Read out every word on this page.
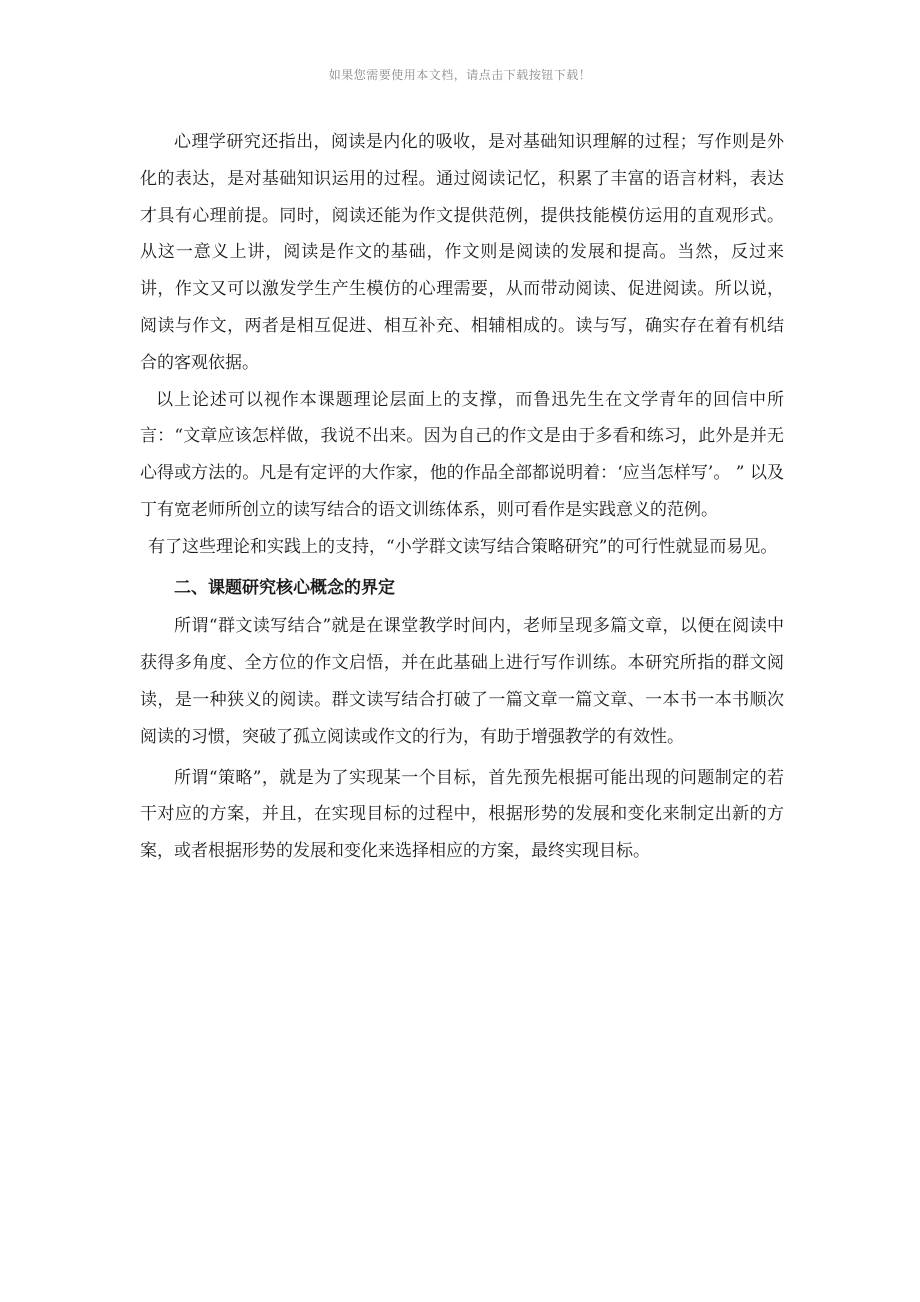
如果您需要使用本文档，请点击下载按钮下载！

心理学研究还指出，阅读是内化的吸收，是对基础知识理解的过程；写作则是外化的表达，是对基础知识运用的过程。通过阅读记忆，积累了丰富的语言材料，表达才具有心理前提。同时，阅读还能为作文提供范例，提供技能模仿运用的直观形式。从这一意义上讲，阅读是作文的基础，作文则是阅读的发展和提高。当然，反过来讲，作文又可以激发学生产生模仿的心理需要，从而带动阅读、促进阅读。所以说，阅读与作文，两者是相互促进、相互补充、相辅相成的。读与写，确实存在着有机结合的客观依据。

以上论述可以视作本课题理论层面上的支撑，而鲁迅先生在文学青年的回信中所言：“文章应该怎样做，我说不出来。因为自己的作文是由于多看和练习，此外是并无心得或方法的。凡是有定评的大作家，他的作品全部都说明着：‘应当怎样写’。 ” 以及丁有宽老师所创立的读写结合的语文训练体系，则可看作是实践意义的范例。

有了这些理论和实践上的支持，“小学群文读写结合策略研究”的可行性就显而易见。

二、课题研究核心概念的界定

所谓“群文读写结合”就是在课堂教学时间内，老师呈现多篇文章，以便在阅读中获得多角度、全方位的作文启悟，并在此基础上进行写作训练。本研究所指的群文阅读，是一种狭义的阅读。群文读写结合打破了一篇文章一篇文章、一本书一本书顺次阅读的习惯，突破了孤立阅读或作文的行为，有助于增强教学的有效性。

所谓“策略”，就是为了实现某一个目标，首先预先根据可能出现的问题制定的若干对应的方案，并且，在实现目标的过程中，根据形势的发展和变化来制定出新的方案，或者根据形势的发展和变化来选择相应的方案，最终实现目标。
